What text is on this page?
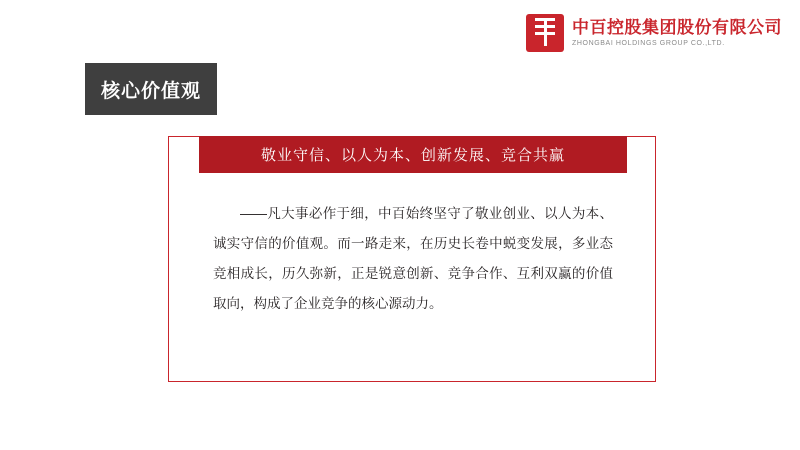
中百控股集团股份有限公司
ZHONGBAI HOLDINGS GROUP CO.,LTD.
核心价值观
敬业守信、以人为本、创新发展、竞合共赢
——凡大事必作于细，中百始终坚守了敬业创业、以人为本、诚实守信的价值观。而一路走来，在历史长卷中蜕变发展，多业态竞相成长，历久弥新，正是锐意创新、竞争合作、互利双赢的价值取向，构成了企业竞争的核心源动力。
